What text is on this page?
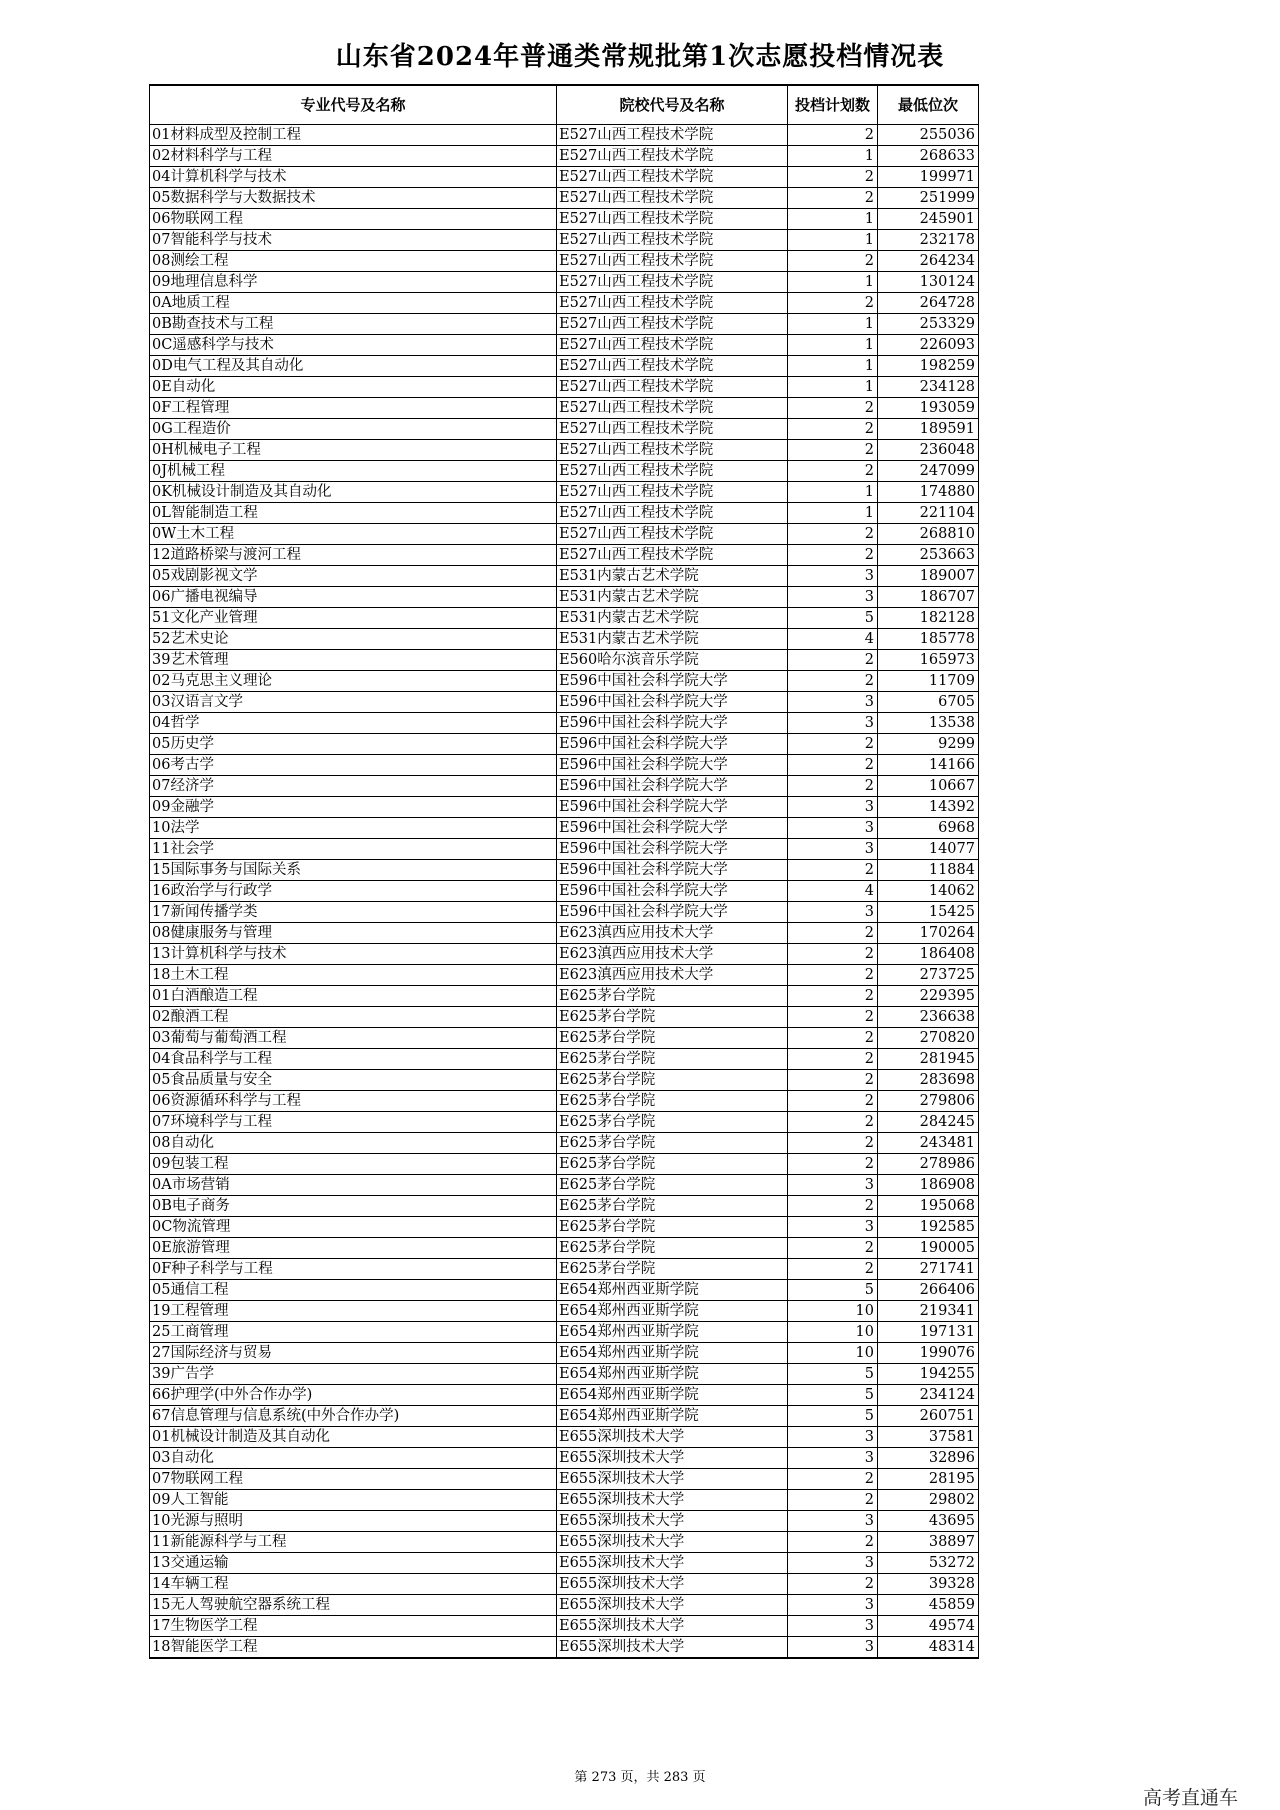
山东省2024年普通类常规批第1次志愿投档情况表
专业代号及名称	院校代号及名称	投档计划数	最低位次
01材料成型及控制工程	E527山西工程技术学院	2	255036
02材料科学与工程	E527山西工程技术学院	1	268633
04计算机科学与技术	E527山西工程技术学院	2	199971
05数据科学与大数据技术	E527山西工程技术学院	2	251999
06物联网工程	E527山西工程技术学院	1	245901
07智能科学与技术	E527山西工程技术学院	1	232178
08测绘工程	E527山西工程技术学院	2	264234
09地理信息科学	E527山西工程技术学院	1	130124
0A地质工程	E527山西工程技术学院	2	264728
0B勘查技术与工程	E527山西工程技术学院	1	253329
0C遥感科学与技术	E527山西工程技术学院	1	226093
0D电气工程及其自动化	E527山西工程技术学院	1	198259
0E自动化	E527山西工程技术学院	1	234128
0F工程管理	E527山西工程技术学院	2	193059
0G工程造价	E527山西工程技术学院	2	189591
0H机械电子工程	E527山西工程技术学院	2	236048
0J机械工程	E527山西工程技术学院	2	247099
0K机械设计制造及其自动化	E527山西工程技术学院	1	174880
0L智能制造工程	E527山西工程技术学院	1	221104
0W土木工程	E527山西工程技术学院	2	268810
12道路桥梁与渡河工程	E527山西工程技术学院	2	253663
05戏剧影视文学	E531内蒙古艺术学院	3	189007
06广播电视编导	E531内蒙古艺术学院	3	186707
51文化产业管理	E531内蒙古艺术学院	5	182128
52艺术史论	E531内蒙古艺术学院	4	185778
39艺术管理	E560哈尔滨音乐学院	2	165973
02马克思主义理论	E596中国社会科学院大学	2	11709
03汉语言文学	E596中国社会科学院大学	3	6705
04哲学	E596中国社会科学院大学	3	13538
05历史学	E596中国社会科学院大学	2	9299
06考古学	E596中国社会科学院大学	2	14166
07经济学	E596中国社会科学院大学	2	10667
09金融学	E596中国社会科学院大学	3	14392
10法学	E596中国社会科学院大学	3	6968
11社会学	E596中国社会科学院大学	3	14077
15国际事务与国际关系	E596中国社会科学院大学	2	11884
16政治学与行政学	E596中国社会科学院大学	4	14062
17新闻传播学类	E596中国社会科学院大学	3	15425
08健康服务与管理	E623滇西应用技术大学	2	170264
13计算机科学与技术	E623滇西应用技术大学	2	186408
18土木工程	E623滇西应用技术大学	2	273725
01白酒酿造工程	E625茅台学院	2	229395
02酿酒工程	E625茅台学院	2	236638
03葡萄与葡萄酒工程	E625茅台学院	2	270820
04食品科学与工程	E625茅台学院	2	281945
05食品质量与安全	E625茅台学院	2	283698
06资源循环科学与工程	E625茅台学院	2	279806
07环境科学与工程	E625茅台学院	2	284245
08自动化	E625茅台学院	2	243481
09包装工程	E625茅台学院	2	278986
0A市场营销	E625茅台学院	3	186908
0B电子商务	E625茅台学院	2	195068
0C物流管理	E625茅台学院	3	192585
0E旅游管理	E625茅台学院	2	190005
0F种子科学与工程	E625茅台学院	2	271741
05通信工程	E654郑州西亚斯学院	5	266406
19工程管理	E654郑州西亚斯学院	10	219341
25工商管理	E654郑州西亚斯学院	10	197131
27国际经济与贸易	E654郑州西亚斯学院	10	199076
39广告学	E654郑州西亚斯学院	5	194255
66护理学(中外合作办学)	E654郑州西亚斯学院	5	234124
67信息管理与信息系统(中外合作办学)	E654郑州西亚斯学院	5	260751
01机械设计制造及其自动化	E655深圳技术大学	3	37581
03自动化	E655深圳技术大学	3	32896
07物联网工程	E655深圳技术大学	2	28195
09人工智能	E655深圳技术大学	2	29802
10光源与照明	E655深圳技术大学	3	43695
11新能源科学与工程	E655深圳技术大学	2	38897
13交通运输	E655深圳技术大学	3	53272
14车辆工程	E655深圳技术大学	2	39328
15无人驾驶航空器系统工程	E655深圳技术大学	3	45859
17生物医学工程	E655深圳技术大学	3	49574
18智能医学工程	E655深圳技术大学	3	48314
第 273 页，共 283 页
高考直通车
